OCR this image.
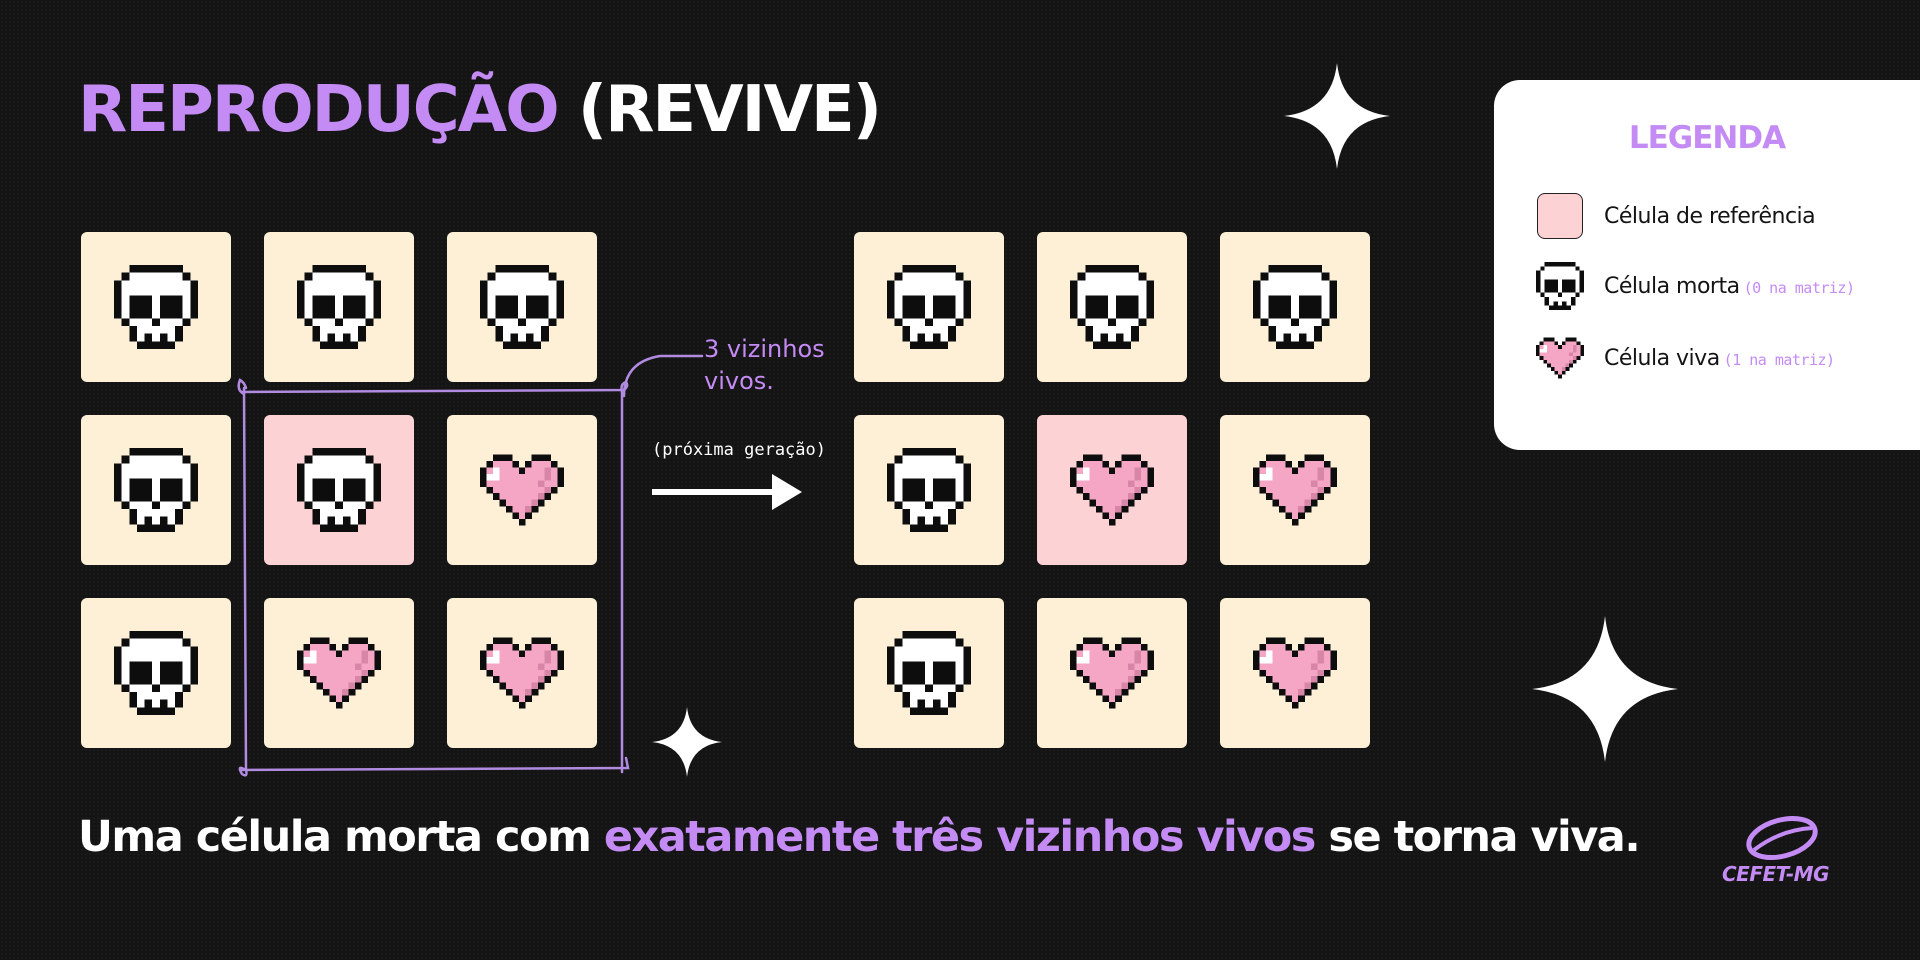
REPRODUÇÃO (REVIVE)
3 vizinhos
vivos.
(próxima geração)
LEGENDA
Célula de referência
Célula morta (0 na matriz)
Célula viva (1 na matriz)

Uma célula morta com exatamente três vizinhos vivos se torna viva.

CEFET-MG
